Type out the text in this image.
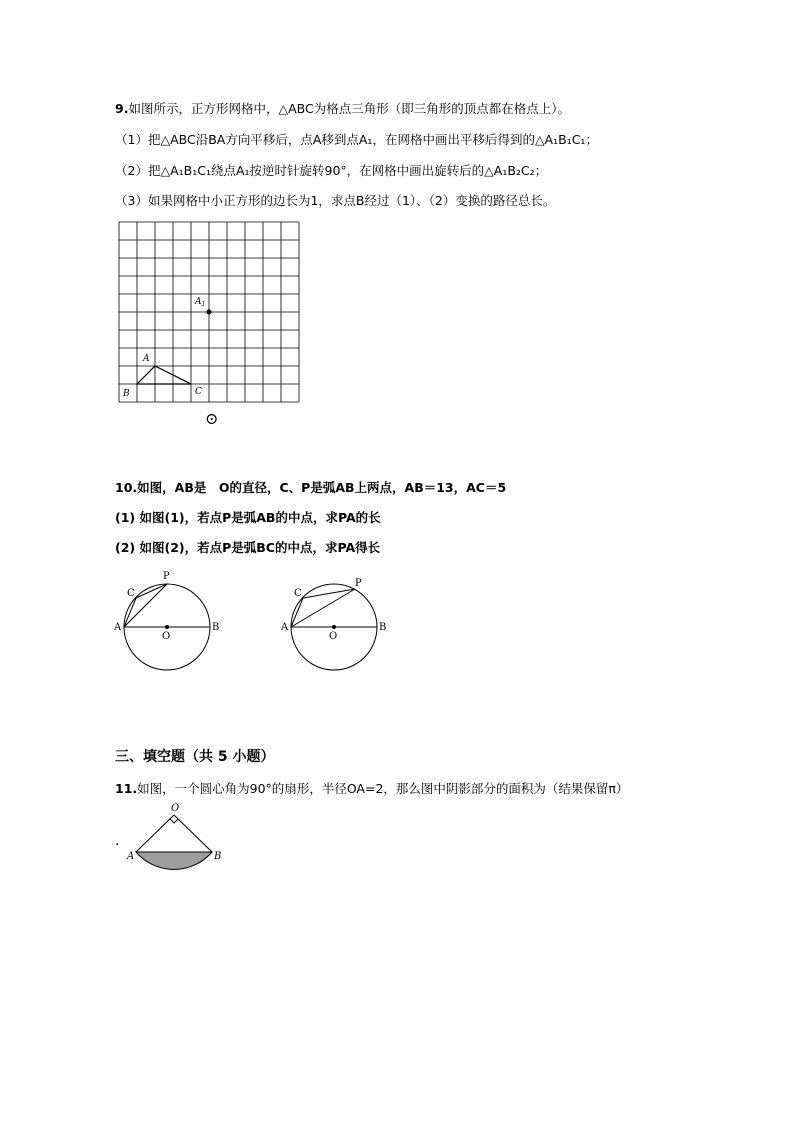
9.如图所示，正方形网格中，△ABC为格点三角形（即三角形的顶点都在格点上）。
（1）把△ABC沿BA方向平移后，点A移到点A₁，在网格中画出平移后得到的△A₁B₁C₁；
（2）把△A₁B₁C₁绕点A₁按逆时针旋转90°，在网格中画出旋转后的△A₁B₂C₂；
（3）如果网格中小正方形的边长为1，求点B经过（1）、（2）变换的路径总长。
$A_1$
A
B	C
⊙
10.如图，AB是　O的直径，C、P是弧AB上两点，AB＝13，AC＝5
(1) 如图(1)，若点P是弧AB的中点，求PA的长
(2) 如图(2)，若点P是弧BC的中点，求PA得长
A	B
C
P
O
A	B
C
P
O
三、填空题（共 5 小题）
11.如图，一个圆心角为90°的扇形，半径OA=2，那么图中阴影部分的面积为（结果保留π）
O
A	B
.
